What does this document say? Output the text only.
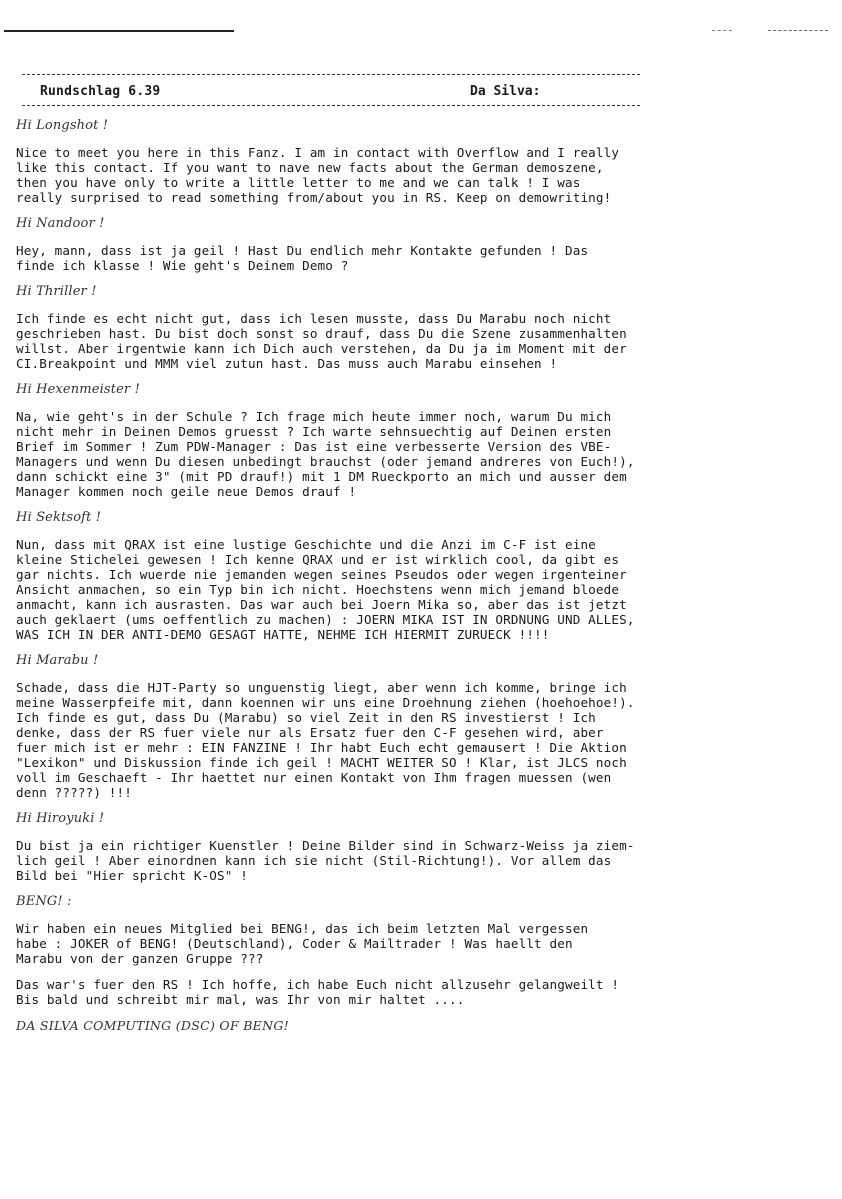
Rundschlag 6.39	Da Silva:
Hi Longshot !
Nice to meet you here in this Fanz. I am in contact with Overflow and I really
like this contact. If you want to nave new facts about the German demoszene,
then you have only to write a little letter to me and we can talk ! I was
really surprised to read something from/about you in RS. Keep on demowriting!
Hi Nandoor !
Hey, mann, dass ist ja geil ! Hast Du endlich mehr Kontakte gefunden ! Das
finde ich klasse ! Wie geht's Deinem Demo ?
Hi Thriller !
Ich finde es echt nicht gut, dass ich lesen musste, dass Du Marabu noch nicht
geschrieben hast. Du bist doch sonst so drauf, dass Du die Szene zusammenhalten
willst. Aber irgentwie kann ich Dich auch verstehen, da Du ja im Moment mit der
CI.Breakpoint und MMM viel zutun hast. Das muss auch Marabu einsehen !
Hi Hexenmeister !
Na, wie geht's in der Schule ? Ich frage mich heute immer noch, warum Du mich
nicht mehr in Deinen Demos gruesst ? Ich warte sehnsuechtig auf Deinen ersten
Brief im Sommer ! Zum PDW-Manager : Das ist eine verbesserte Version des VBE-
Managers und wenn Du diesen unbedingt brauchst (oder jemand andreres von Euch!),
dann schickt eine 3" (mit PD drauf!) mit 1 DM Rueckporto an mich und ausser dem
Manager kommen noch geile neue Demos drauf !
Hi Sektsoft !
Nun, dass mit QRAX ist eine lustige Geschichte und die Anzi im C-F ist eine
kleine Stichelei gewesen ! Ich kenne QRAX und er ist wirklich cool, da gibt es
gar nichts. Ich wuerde nie jemanden wegen seines Pseudos oder wegen irgenteiner
Ansicht anmachen, so ein Typ bin ich nicht. Hoechstens wenn mich jemand bloede
anmacht, kann ich ausrasten. Das war auch bei Joern Mika so, aber das ist jetzt
auch geklaert (ums oeffentlich zu machen) : JOERN MIKA IST IN ORDNUNG UND ALLES,
WAS ICH IN DER ANTI-DEMO GESAGT HATTE, NEHME ICH HIERMIT ZURUECK !!!!
Hi Marabu !
Schade, dass die HJT-Party so unguenstig liegt, aber wenn ich komme, bringe ich
meine Wasserpfeife mit, dann koennen wir uns eine Droehnung ziehen (hoehoehoe!).
Ich finde es gut, dass Du (Marabu) so viel Zeit in den RS investierst ! Ich
denke, dass der RS fuer viele nur als Ersatz fuer den C-F gesehen wird, aber
fuer mich ist er mehr : EIN FANZINE ! Ihr habt Euch echt gemausert ! Die Aktion
"Lexikon" und Diskussion finde ich geil ! MACHT WEITER SO ! Klar, ist JLCS noch
voll im Geschaeft - Ihr haettet nur einen Kontakt von Ihm fragen muessen (wen
denn ?????) !!!
Hi Hiroyuki !
Du bist ja ein richtiger Kuenstler ! Deine Bilder sind in Schwarz-Weiss ja ziem-
lich geil ! Aber einordnen kann ich sie nicht (Stil-Richtung!). Vor allem das
Bild bei "Hier spricht K-OS" !
BENG! :
Wir haben ein neues Mitglied bei BENG!, das ich beim letzten Mal vergessen
habe : JOKER of BENG! (Deutschland), Coder & Mailtrader ! Was haellt den
Marabu von der ganzen Gruppe ???
Das war's fuer den RS ! Ich hoffe, ich habe Euch nicht allzusehr gelangweilt !
Bis bald und schreibt mir mal, was Ihr von mir haltet ....
DA SILVA COMPUTING (DSC) OF BENG!
